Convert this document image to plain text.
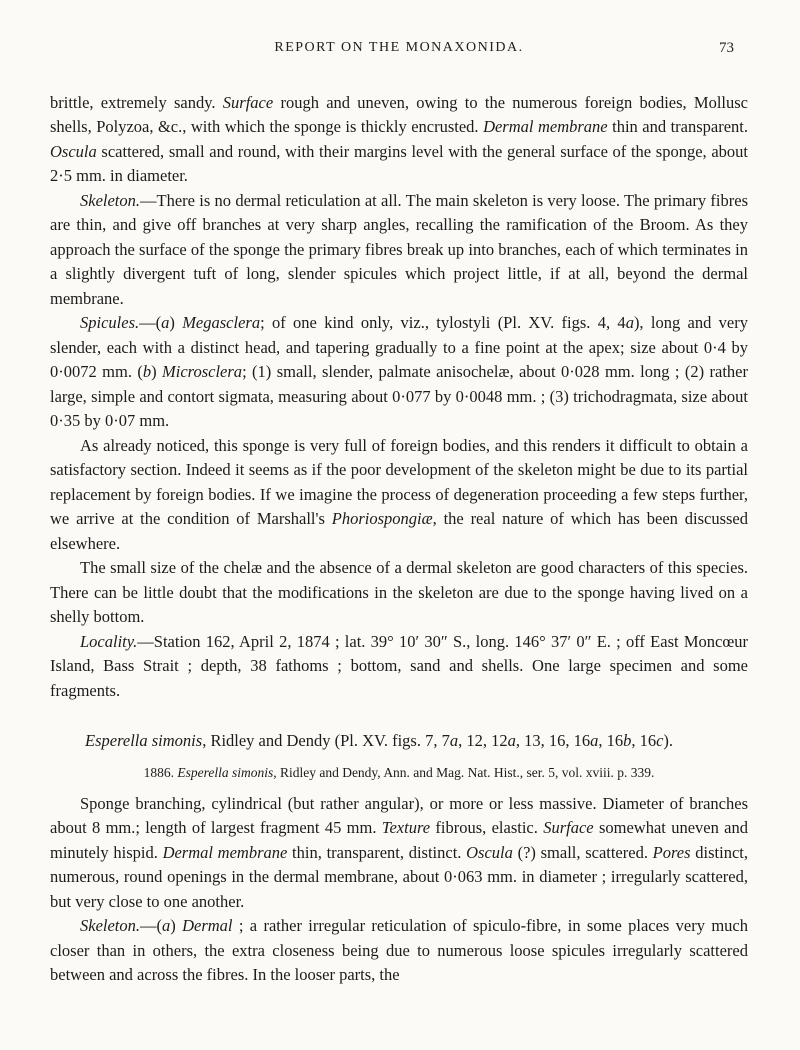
REPORT ON THE MONAXONIDA.	73

brittle, extremely sandy. Surface rough and uneven, owing to the numerous foreign bodies, Mollusc shells, Polyzoa, &c., with which the sponge is thickly encrusted. Dermal membrane thin and transparent. Oscula scattered, small and round, with their margins level with the general surface of the sponge, about 2·5 mm. in diameter.

Skeleton.—There is no dermal reticulation at all. The main skeleton is very loose. The primary fibres are thin, and give off branches at very sharp angles, recalling the ramification of the Broom. As they approach the surface of the sponge the primary fibres break up into branches, each of which terminates in a slightly divergent tuft of long, slender spicules which project little, if at all, beyond the dermal membrane.

Spicules.—(a) Megasclera; of one kind only, viz., tylostyli (Pl. XV. figs. 4, 4a), long and very slender, each with a distinct head, and tapering gradually to a fine point at the apex; size about 0·4 by 0·0072 mm. (b) Microsclera; (1) small, slender, palmate anisochelæ, about 0·028 mm. long ; (2) rather large, simple and contort sigmata, measuring about 0·077 by 0·0048 mm. ; (3) trichodragmata, size about 0·35 by 0·07 mm.

As already noticed, this sponge is very full of foreign bodies, and this renders it difficult to obtain a satisfactory section. Indeed it seems as if the poor development of the skeleton might be due to its partial replacement by foreign bodies. If we imagine the process of degeneration proceeding a few steps further, we arrive at the condition of Marshall's Phoriospongiæ, the real nature of which has been discussed elsewhere.

The small size of the chelæ and the absence of a dermal skeleton are good characters of this species. There can be little doubt that the modifications in the skeleton are due to the sponge having lived on a shelly bottom.

Locality.—Station 162, April 2, 1874 ; lat. 39° 10′ 30″ S., long. 146° 37′ 0″ E. ; off East Moncœur Island, Bass Strait ; depth, 38 fathoms ; bottom, sand and shells. One large specimen and some fragments.

Esperella simonis, Ridley and Dendy (Pl. XV. figs. 7, 7a, 12, 12a, 13, 16, 16a, 16b, 16c).

1886. Esperella simonis, Ridley and Dendy, Ann. and Mag. Nat. Hist., ser. 5, vol. xviii. p. 339.

Sponge branching, cylindrical (but rather angular), or more or less massive. Diameter of branches about 8 mm.; length of largest fragment 45 mm. Texture fibrous, elastic. Surface somewhat uneven and minutely hispid. Dermal membrane thin, transparent, distinct. Oscula (?) small, scattered. Pores distinct, numerous, round openings in the dermal membrane, about 0·063 mm. in diameter ; irregularly scattered, but very close to one another.

Skeleton.—(a) Dermal ; a rather irregular reticulation of spiculo-fibre, in some places very much closer than in others, the extra closeness being due to numerous loose spicules irregularly scattered between and across the fibres. In the looser parts, the
